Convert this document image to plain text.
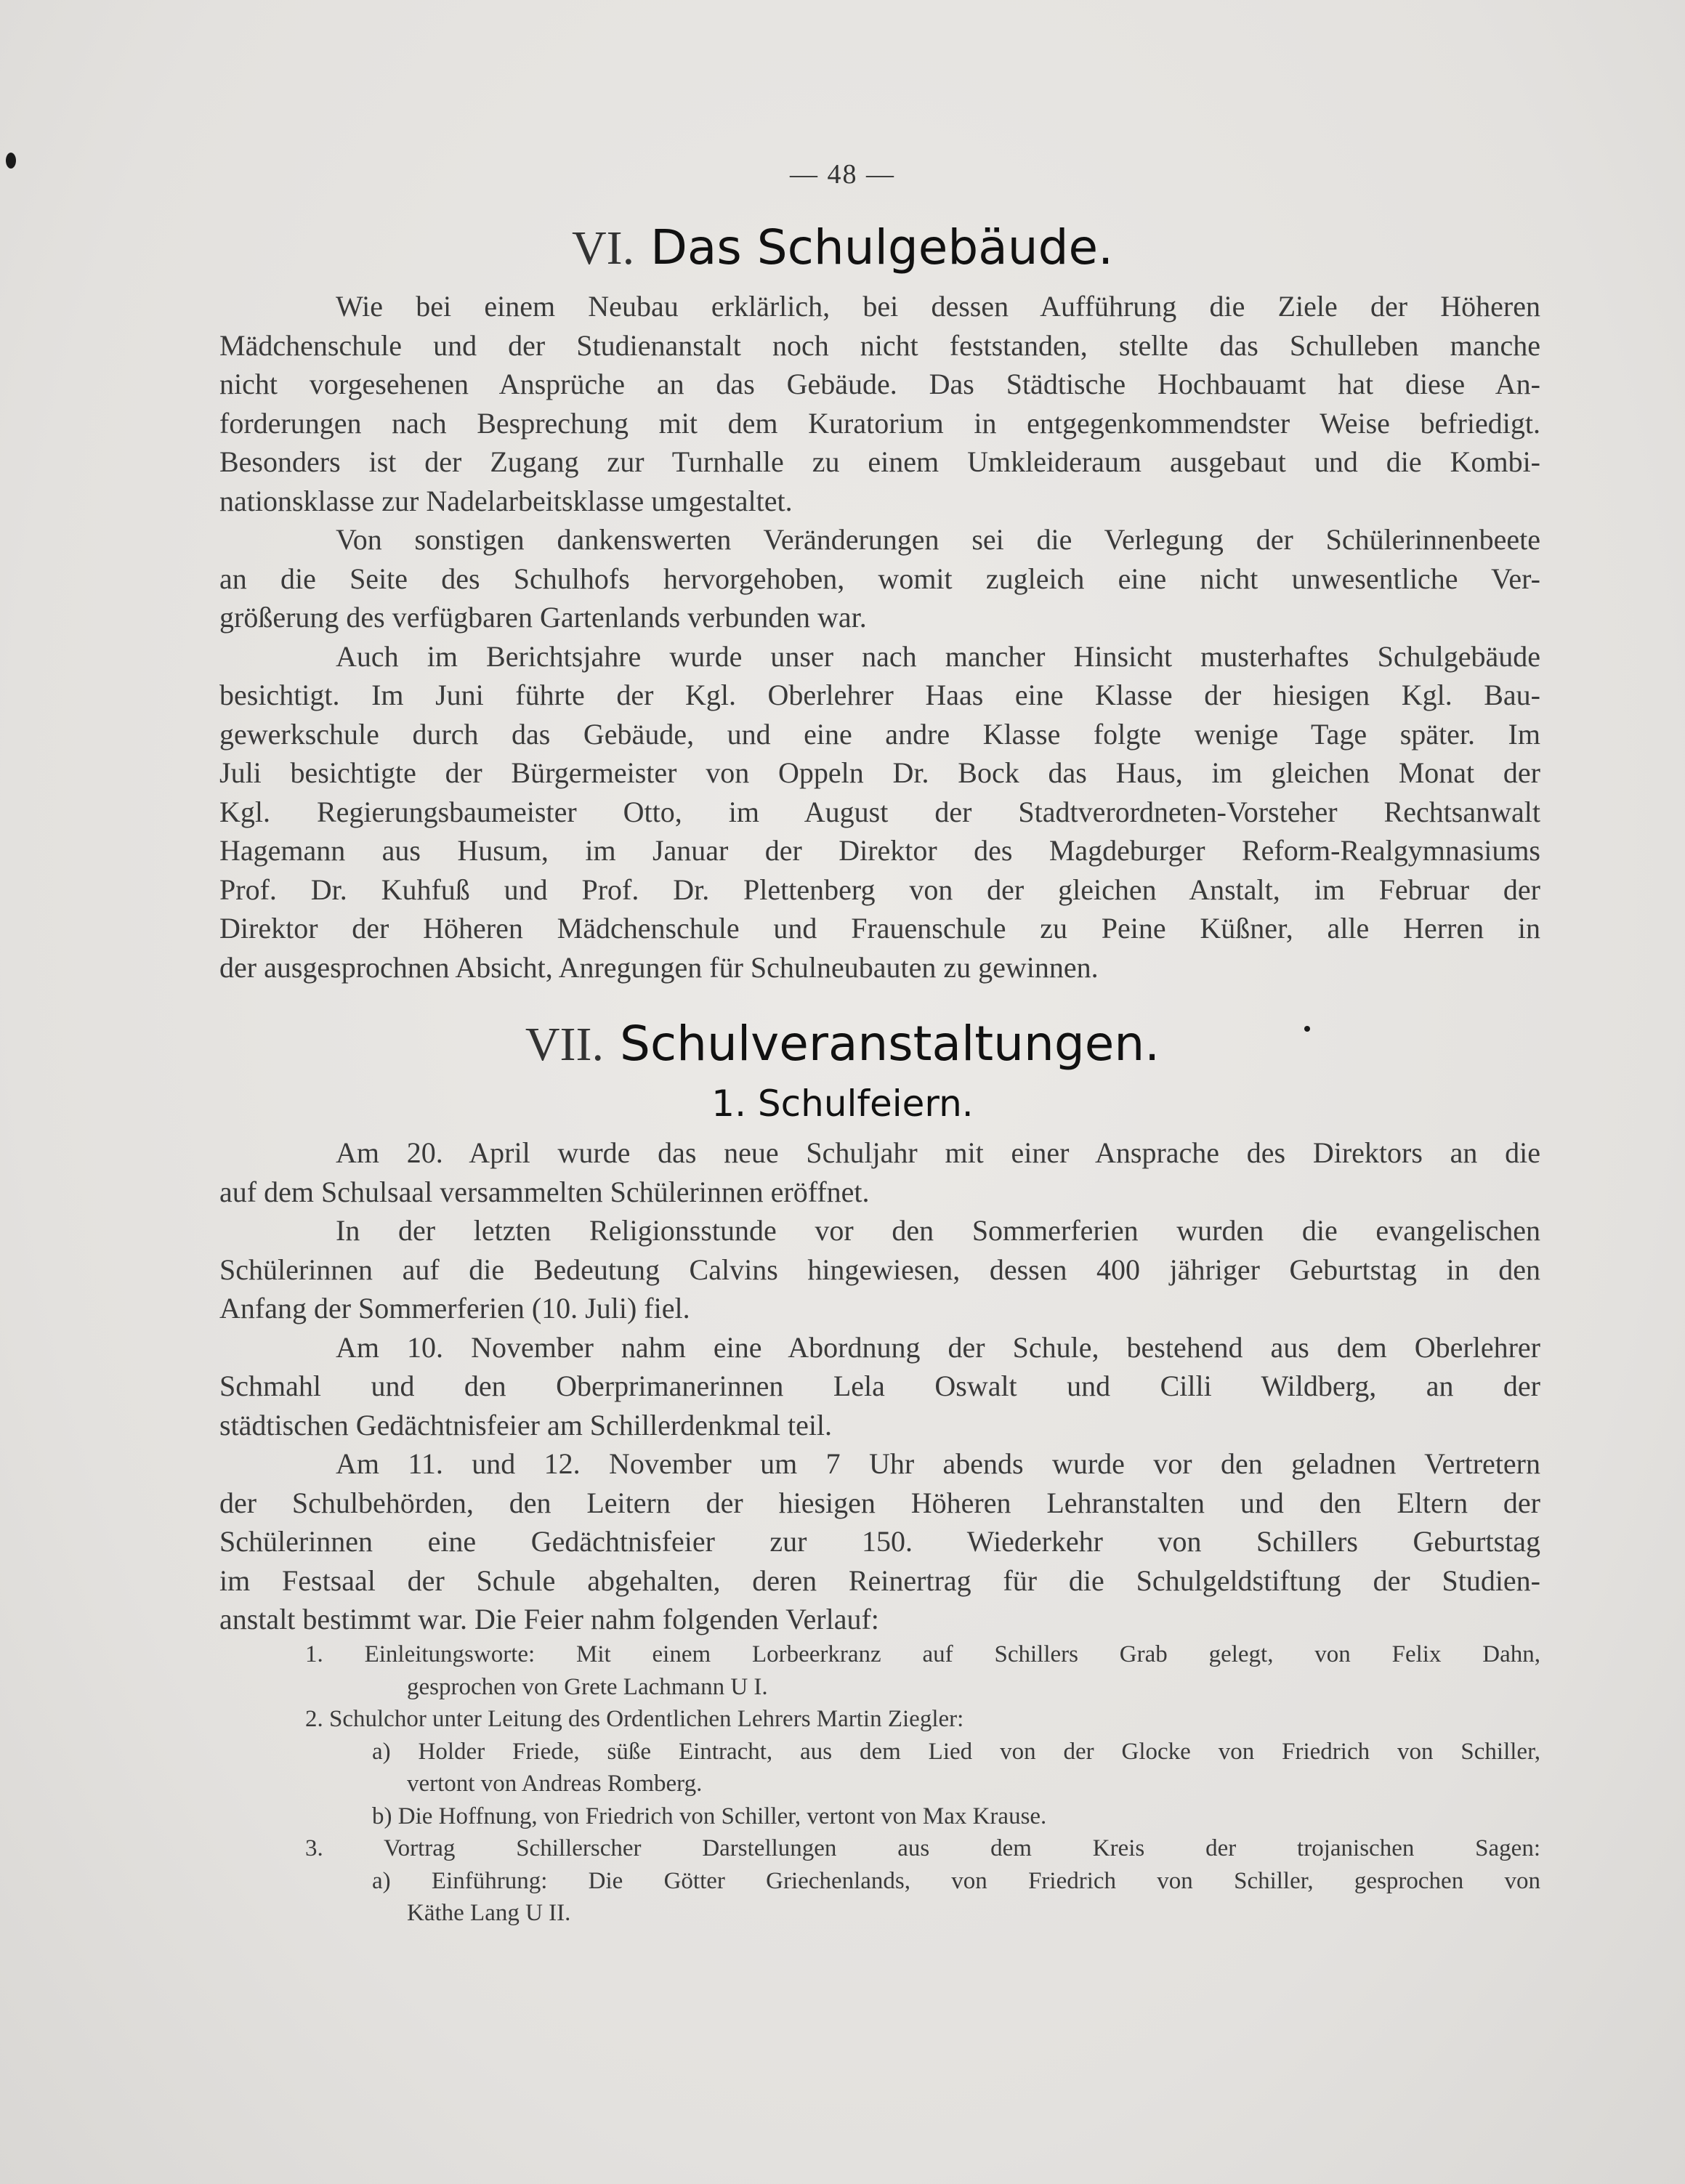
— 48 —
VI. Das Schulgebäude.
Wie bei einem Neubau erklärlich, bei dessen Aufführung die Ziele der Höheren
Mädchenschule und der Studienanstalt noch nicht feststanden, stellte das Schulleben manche
nicht vorgesehenen Ansprüche an das Gebäude. Das Städtische Hochbauamt hat diese An-
forderungen nach Besprechung mit dem Kuratorium in entgegenkommendster Weise befriedigt.
Besonders ist der Zugang zur Turnhalle zu einem Umkleideraum ausgebaut und die Kombi-
nationsklasse zur Nadelarbeitsklasse umgestaltet.
Von sonstigen dankenswerten Veränderungen sei die Verlegung der Schülerinnenbeete
an die Seite des Schulhofs hervorgehoben, womit zugleich eine nicht unwesentliche Ver-
größerung des verfügbaren Gartenlands verbunden war.
Auch im Berichtsjahre wurde unser nach mancher Hinsicht musterhaftes Schulgebäude
besichtigt. Im Juni führte der Kgl. Oberlehrer Haas eine Klasse der hiesigen Kgl. Bau-
gewerkschule durch das Gebäude, und eine andre Klasse folgte wenige Tage später. Im
Juli besichtigte der Bürgermeister von Oppeln Dr. Bock das Haus, im gleichen Monat der
Kgl. Regierungsbaumeister Otto, im August der Stadtverordneten-Vorsteher Rechtsanwalt
Hagemann aus Husum, im Januar der Direktor des Magdeburger Reform-Realgymnasiums
Prof. Dr. Kuhfuß und Prof. Dr. Plettenberg von der gleichen Anstalt, im Februar der
Direktor der Höheren Mädchenschule und Frauenschule zu Peine Küßner, alle Herren in
der ausgesprochnen Absicht, Anregungen für Schulneubauten zu gewinnen.
VII. Schulveranstaltungen.
1. Schulfeiern.
Am 20. April wurde das neue Schuljahr mit einer Ansprache des Direktors an die
auf dem Schulsaal versammelten Schülerinnen eröffnet.
In der letzten Religionsstunde vor den Sommerferien wurden die evangelischen
Schülerinnen auf die Bedeutung Calvins hingewiesen, dessen 400 jähriger Geburtstag in den
Anfang der Sommerferien (10. Juli) fiel.
Am 10. November nahm eine Abordnung der Schule, bestehend aus dem Oberlehrer
Schmahl und den Oberprimanerinnen Lela Oswalt und Cilli Wildberg, an der
städtischen Gedächtnisfeier am Schillerdenkmal teil.
Am 11. und 12. November um 7 Uhr abends wurde vor den geladnen Vertretern
der Schulbehörden, den Leitern der hiesigen Höheren Lehranstalten und den Eltern der
Schülerinnen eine Gedächtnisfeier zur 150. Wiederkehr von Schillers Geburtstag
im Festsaal der Schule abgehalten, deren Reinertrag für die Schulgeldstiftung der Studien-
anstalt bestimmt war. Die Feier nahm folgenden Verlauf:
1. Einleitungsworte: Mit einem Lorbeerkranz auf Schillers Grab gelegt, von Felix Dahn,
gesprochen von Grete Lachmann U I.
2. Schulchor unter Leitung des Ordentlichen Lehrers Martin Ziegler:
a) Holder Friede, süße Eintracht, aus dem Lied von der Glocke von Friedrich von Schiller,
vertont von Andreas Romberg.
b) Die Hoffnung, von Friedrich von Schiller, vertont von Max Krause.
3. Vortrag Schillerscher Darstellungen aus dem Kreis der trojanischen Sagen:
a) Einführung: Die Götter Griechenlands, von Friedrich von Schiller, gesprochen von
Käthe Lang U II.
